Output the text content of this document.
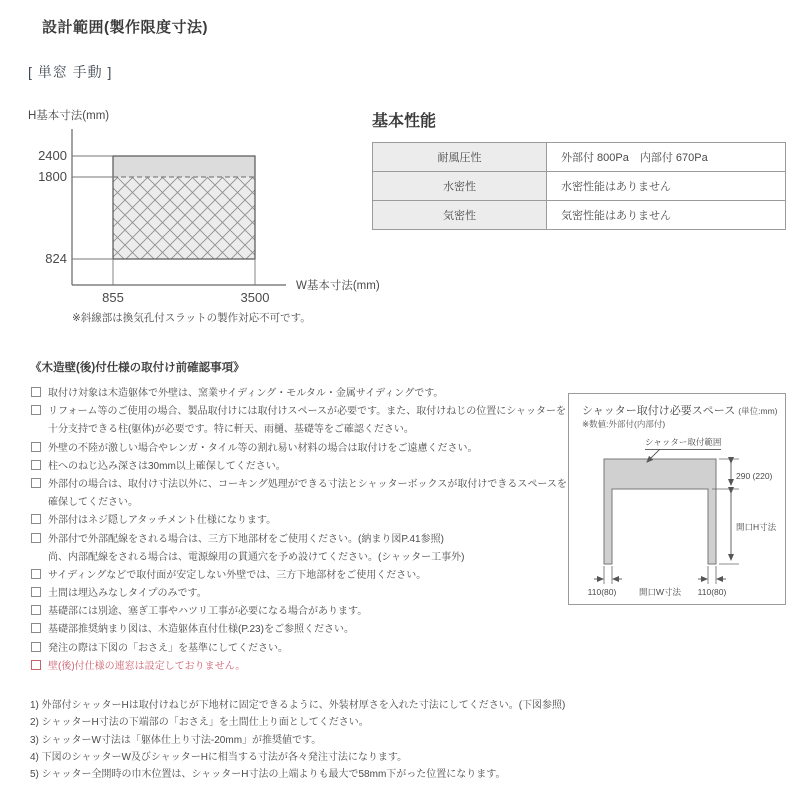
設計範囲(製作限度寸法)
[ 単窓 手動 ]
H基本寸法(mm)
2400
1800
824
855	3500
W基本寸法(mm)
※斜線部は換気孔付スラットの製作対応不可です。
基本性能
耐風圧性	外部付 800Pa　内部付 670Pa
水密性	水密性能はありません
気密性	気密性能はありません
《木造壁(後)付仕様の取付け前確認事項》
取付け対象は木造躯体で外壁は、窯業サイディング・モルタル・金属サイディングです。
リフォーム等のご使用の場合、製品取付けには取付けスペースが必要です。また、取付けねじの位置にシャッターを
十分支持できる柱(躯体)が必要です。特に軒天、雨樋、基礎等をご確認ください。
外壁の不陸が激しい場合やレンガ・タイル等の割れ易い材料の場合は取付けをご遠慮ください。
柱へのねじ込み深さは30mm以上確保してください。
外部付の場合は、取付け寸法以外に、コーキング処理ができる寸法とシャッターボックスが取付けできるスペースを
確保してください。
外部付はネジ隠しアタッチメント仕様になります。
外部付で外部配線をされる場合は、三方下地部材をご使用ください。(納まり図P.41参照)
尚、内部配線をされる場合は、電源線用の貫通穴を予め設けてください。(シャッター工事外)
サイディングなどで取付面が安定しない外壁では、三方下地部材をご使用ください。
土間は埋込みなしタイプのみです。
基礎部には別途、塞ぎ工事やハツリ工事が必要になる場合があります。
基礎部推奨納まり図は、木造躯体直付仕様(P.23)をご参照ください。
発注の際は下図の「おさえ」を基準にしてください。
壁(後)付仕様の連窓は設定しておりません。
1) 外部付シャッターHは取付けねじが下地材に固定できるように、外装材厚さを入れた寸法にしてください。(下図参照)
2) シャッターH寸法の下端部の「おさえ」を土間仕上り面としてください。
3) シャッターW寸法は「躯体仕上り寸法-20mm」が推奨値です。
4) 下図のシャッターW及びシャッターHに相当する寸法が各々発注寸法になります。
5) シャッター全開時の巾木位置は、シャッターH寸法の上端よりも最大で58mm下がった位置になります。
シャッター取付け必要スペース (単位:mm)
※数値:外部付(内部付)
シャッター取付範囲
290 (220)
開口H寸法
110(80)	開口W寸法 110(80)
